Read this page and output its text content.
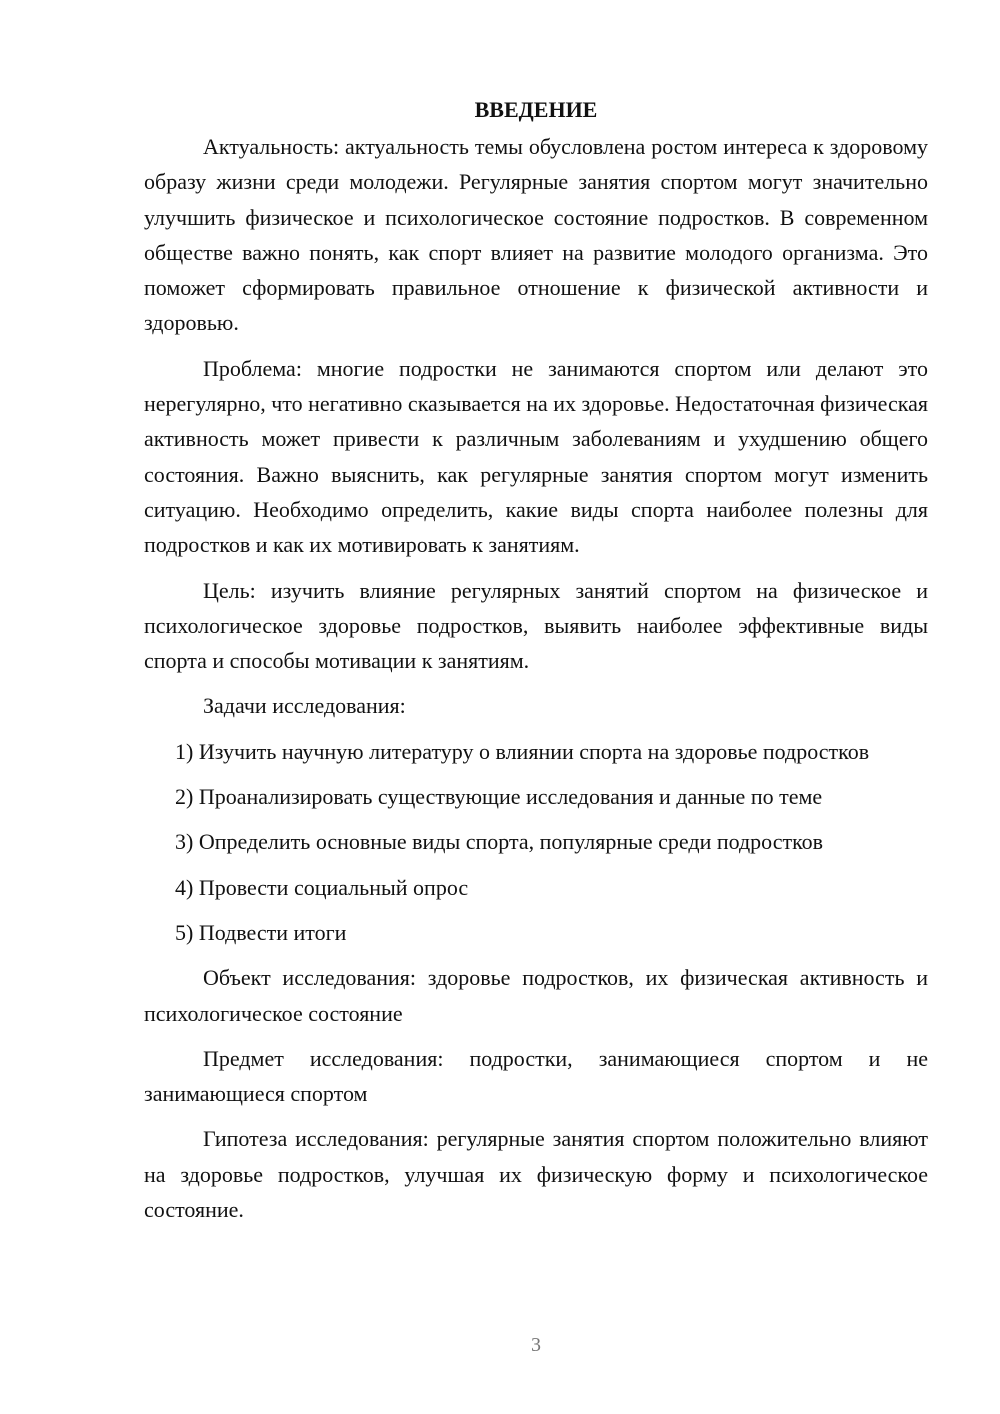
ВВЕДЕНИЕ

Актуальность: актуальность темы обусловлена ростом интереса к здоровому образу жизни среди молодежи. Регулярные занятия спортом могут значительно улучшить физическое и психологическое состояние подростков. В современном обществе важно понять, как спорт влияет на развитие молодого организма. Это поможет сформировать правильное отношение к физической активности и здоровью.

Проблема: многие подростки не занимаются спортом или делают это нерегулярно, что негативно сказывается на их здоровье. Недостаточная физическая активность может привести к различным заболеваниям и ухудшению общего состояния. Важно выяснить, как регулярные занятия спортом могут изменить ситуацию. Необходимо определить, какие виды спорта наиболее полезны для подростков и как их мотивировать к занятиям.

Цель: изучить влияние регулярных занятий спортом на физическое и психологическое здоровье подростков, выявить наиболее эффективные виды спорта и способы мотивации к занятиям.

Задачи исследования:

1) Изучить научную литературу о влиянии спорта на здоровье подростков

2) Проанализировать существующие исследования и данные по теме

3) Определить основные виды спорта, популярные среди подростков

4) Провести социальный опрос

5) Подвести итоги

Объект исследования: здоровье подростков, их физическая активность и психологическое состояние

Предмет исследования: подростки, занимающиеся спортом и не занимающиеся спортом

Гипотеза исследования: регулярные занятия спортом положительно влияют на здоровье подростков, улучшая их физическую форму и психологическое состояние.

3
